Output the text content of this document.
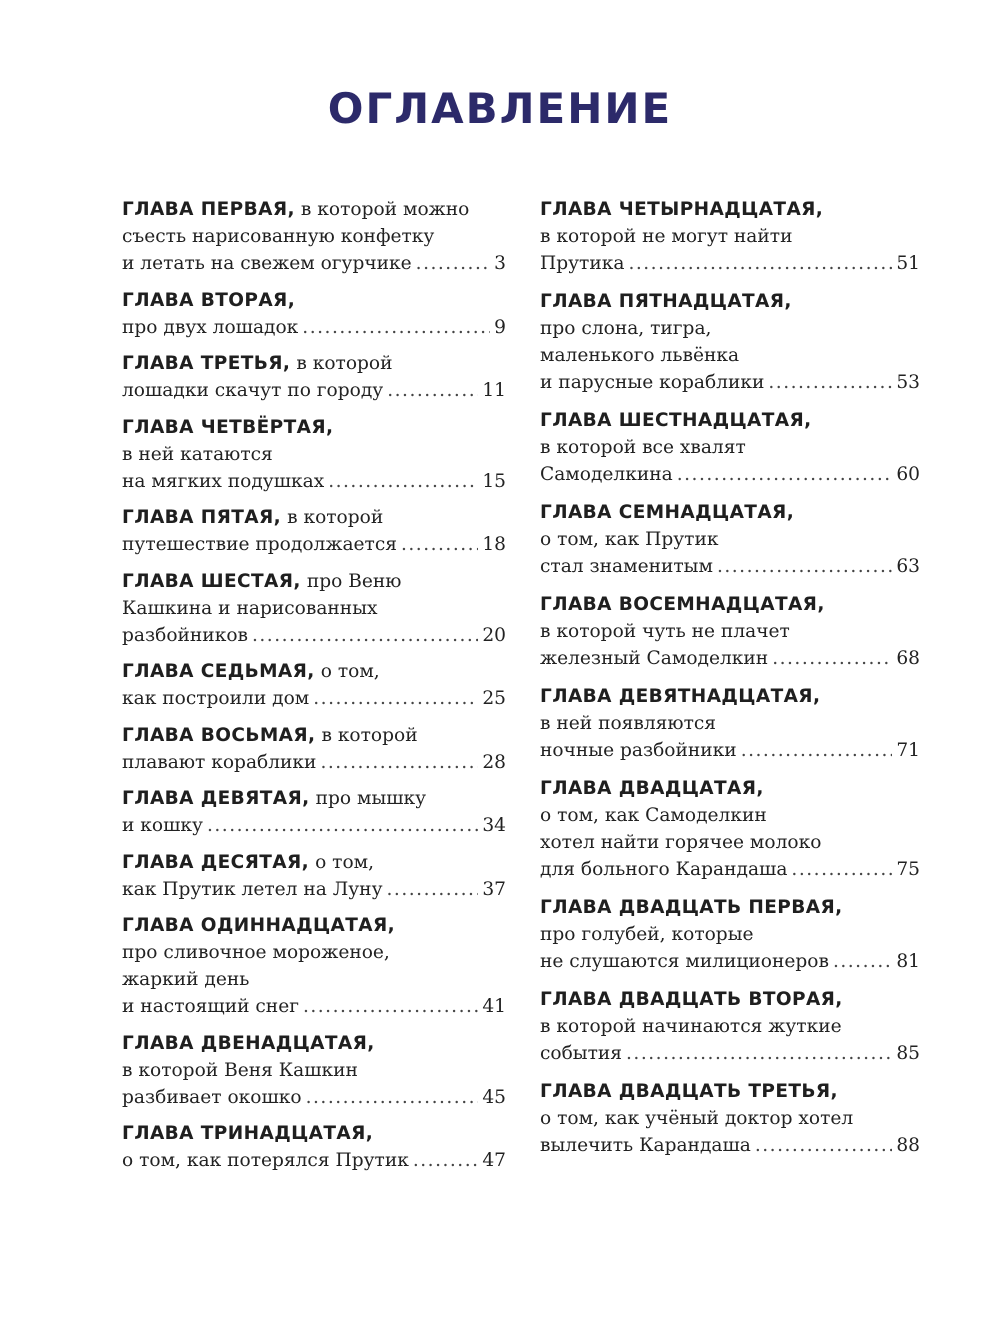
ОГЛАВЛЕНИЕ
ГЛАВА ПЕРВАЯ, в которой можно
съесть нарисованную конфетку
и летать на свежем огурчике .....	3
ГЛАВА ВТОРАЯ,
про двух лошадок .....	9
ГЛАВА ТРЕТЬЯ, в которой
лошадки скачут по городу .....	11
ГЛАВА ЧЕТВЁРТАЯ,
в ней катаются
на мягких подушках .....	15
ГЛАВА ПЯТАЯ, в которой
путешествие продолжается .....	18
ГЛАВА ШЕСТАЯ, про Веню
Кашкина и нарисованных
разбойников .....	20
ГЛАВА СЕДЬМАЯ, о том,
как построили дом .....	25
ГЛАВА ВОСЬМАЯ, в которой
плавают кораблики .....	28
ГЛАВА ДЕВЯТАЯ, про мышку
и кошку .....	34
ГЛАВА ДЕСЯТАЯ, о том,
как Прутик летел на Луну .....	37
ГЛАВА ОДИННАДЦАТАЯ,
про сливочное мороженое,
жаркий день
и настоящий снег .....	41
ГЛАВА ДВЕНАДЦАТАЯ,
в которой Веня Кашкин
разбивает окошко .....	45
ГЛАВА ТРИНАДЦАТАЯ,
о том, как потерялся Прутик .....	47
ГЛАВА ЧЕТЫРНАДЦАТАЯ,
в которой не могут найти
Прутика .....	51
ГЛАВА ПЯТНАДЦАТАЯ,
про слона, тигра,
маленького львёнка
и парусные кораблики .....	53
ГЛАВА ШЕСТНАДЦАТАЯ,
в которой все хвалят
Самоделкина .....	60
ГЛАВА СЕМНАДЦАТАЯ,
о том, как Прутик
стал знаменитым .....	63
ГЛАВА ВОСЕМНАДЦАТАЯ,
в которой чуть не плачет
железный Самоделкин .....	68
ГЛАВА ДЕВЯТНАДЦАТАЯ,
в ней появляются
ночные разбойники .....	71
ГЛАВА ДВАДЦАТАЯ,
о том, как Самоделкин
хотел найти горячее молоко
для больного Карандаша .....	75
ГЛАВА ДВАДЦАТЬ ПЕРВАЯ,
про голубей, которые
не слушаются милиционеров .....	81
ГЛАВА ДВАДЦАТЬ ВТОРАЯ,
в которой начинаются жуткие
события .....	85
ГЛАВА ДВАДЦАТЬ ТРЕТЬЯ,
о том, как учёный доктор хотел
вылечить Карандаша .....	88
